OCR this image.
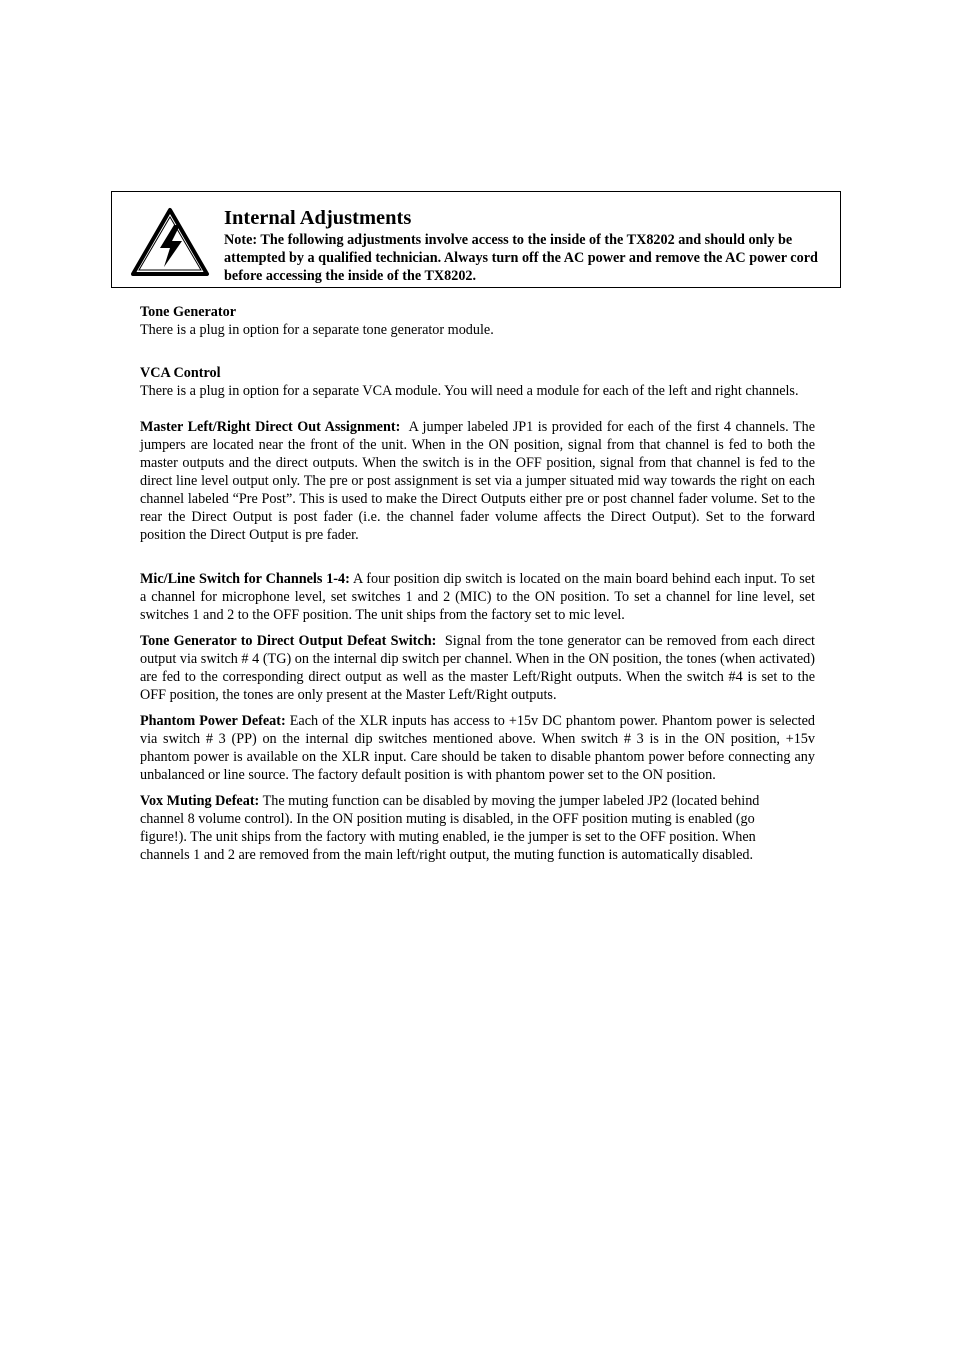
Internal Adjustments
Note: The following adjustments involve access to the inside of the TX8202 and should only be attempted by a qualified technician. Always turn off the AC power and remove the AC power cord before accessing the inside of the TX8202.
Tone Generator

There is a plug in option for a separate tone generator module.

VCA Control

There is a plug in option for a separate VCA module. You will need a module for each of the left and right channels.

Master Left/Right Direct Out Assignment: A jumper labeled JP1 is provided for each of the first 4 channels. The jumpers are located near the front of the unit. When in the ON position, signal from that channel is fed to both the master outputs and the direct outputs. When the switch is in the OFF position, signal from that channel is fed to the direct line level output only. The pre or post assignment is set via a jumper situated mid way towards the right on each channel labeled “Pre Post”. This is used to make the Direct Outputs either pre or post channel fader volume. Set to the rear the Direct Output is post fader (i.e. the channel fader volume affects the Direct Output). Set to the forward position the Direct Output is pre fader.

Mic/Line Switch for Channels 1-4: A four position dip switch is located on the main board behind each input. To set a channel for microphone level, set switches 1 and 2 (MIC) to the ON position. To set a channel for line level, set switches 1 and 2 to the OFF position. The unit ships from the factory set to mic level.

Tone Generator to Direct Output Defeat Switch: Signal from the tone generator can be removed from each direct output via switch # 4 (TG) on the internal dip switch per channel. When in the ON position, the tones (when activated) are fed to the corresponding direct output as well as the master Left/Right outputs. When the switch #4 is set to the OFF position, the tones are only present at the Master Left/Right outputs.

Phantom Power Defeat: Each of the XLR inputs has access to +15v DC phantom power. Phantom power is selected via switch # 3 (PP) on the internal dip switches mentioned above. When switch # 3 is in the ON position, +15v phantom power is available on the XLR input. Care should be taken to disable phantom power before connecting any unbalanced or line source. The factory default position is with phantom power set to the ON position.

Vox Muting Defeat: The muting function can be disabled by moving the jumper labeled JP2 (located behind channel 8 volume control). In the ON position muting is disabled, in the OFF position muting is enabled (go figure!). The unit ships from the factory with muting enabled, ie the jumper is set to the OFF position. When channels 1 and 2 are removed from the main left/right output, the muting function is automatically disabled.
